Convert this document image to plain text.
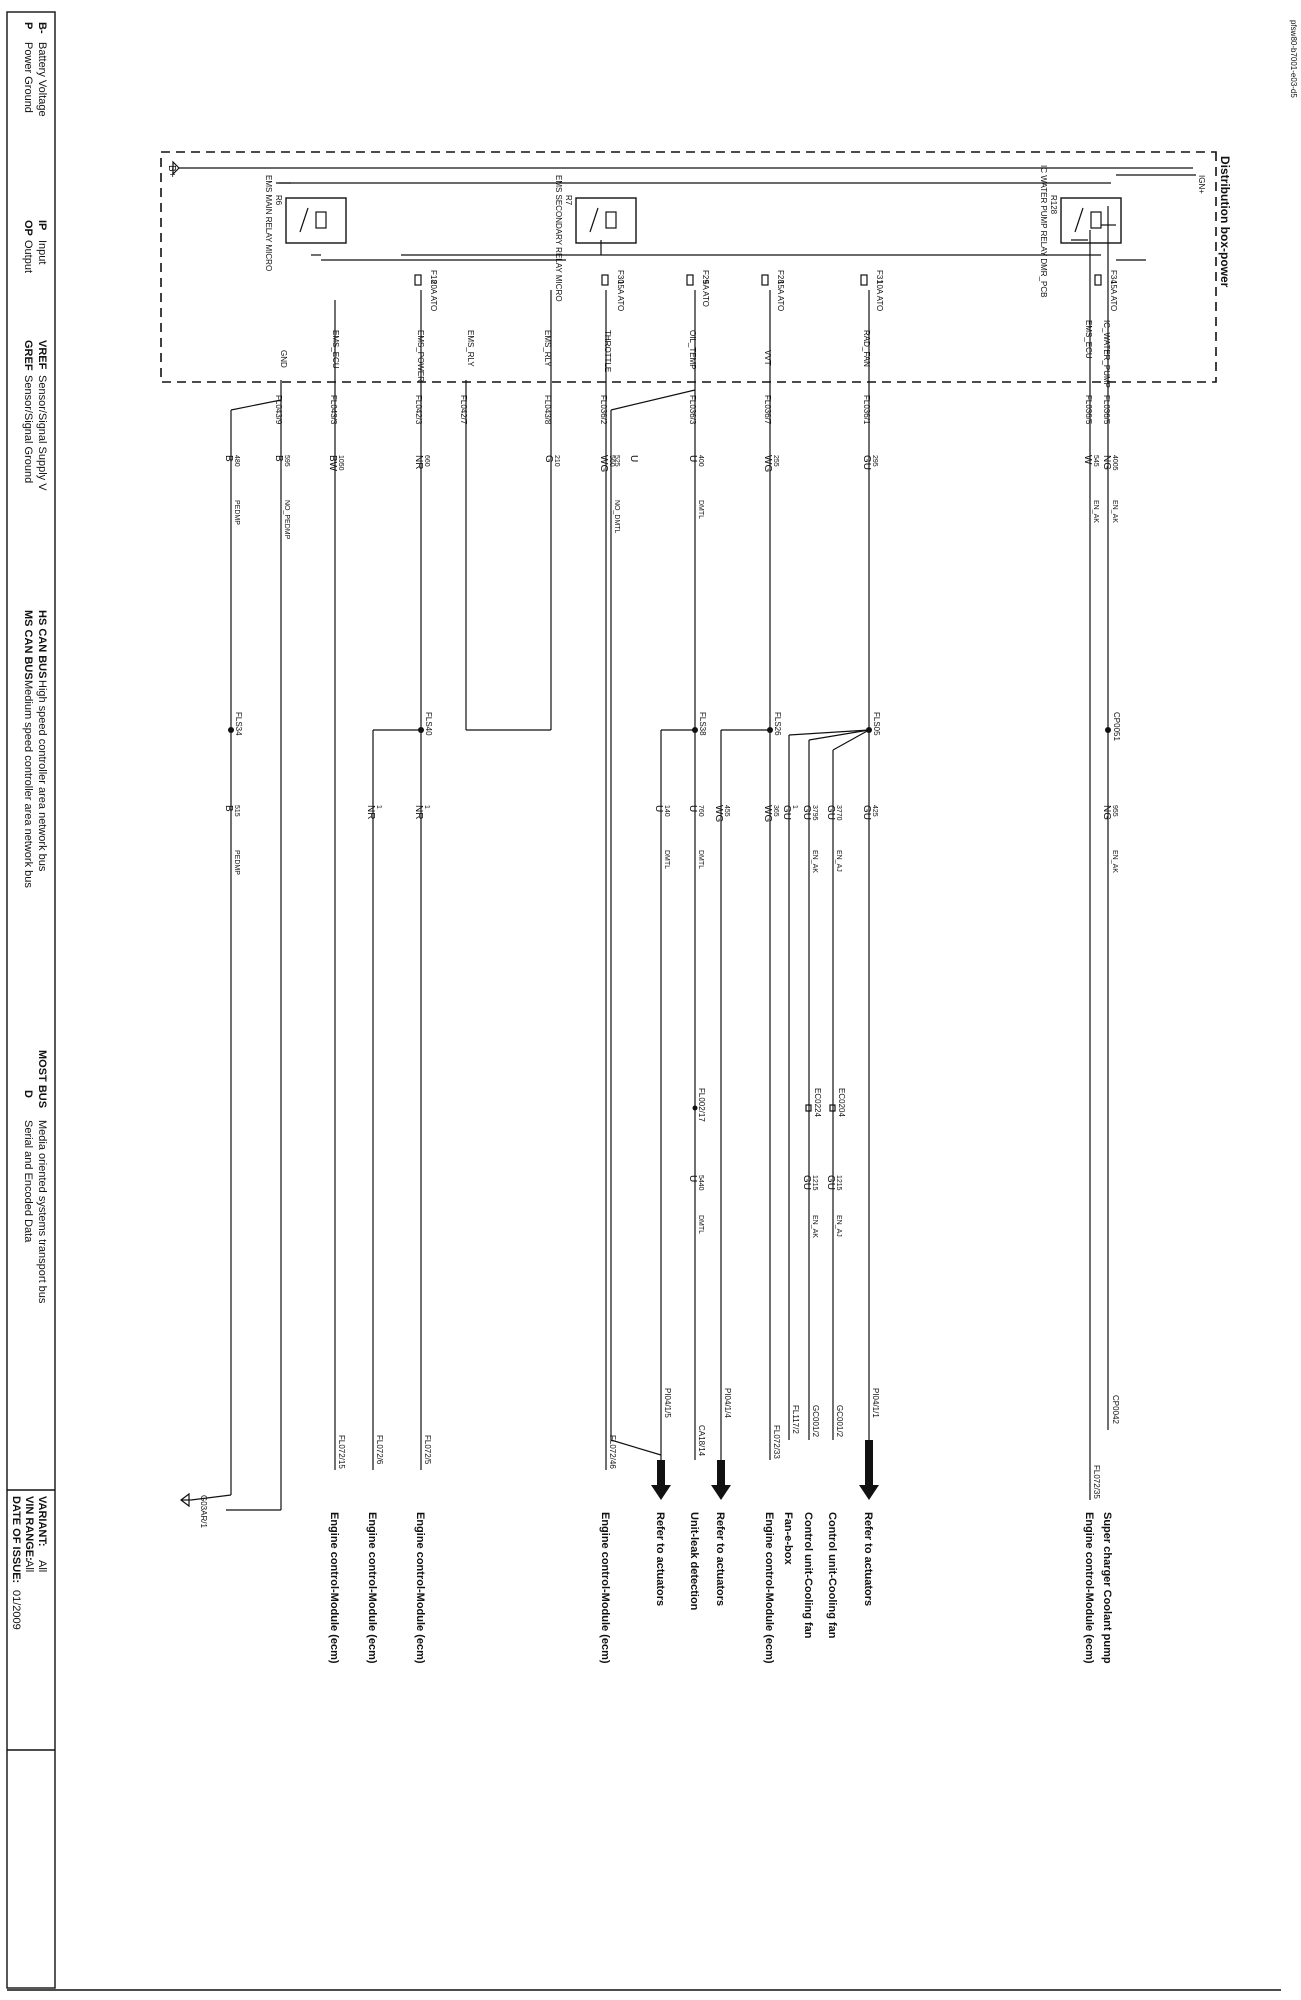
B-
Battery Voltage
P
Power Ground
IP
Input
OP
Output
VREF
Sensor/Signal Supply V
GREF
Sensor/Signal Ground
HS CAN BUS
High speed controller area network bus
MS CAN BUS
Medium speed controller area network bus
MOST BUS
Media oriented systems transport bus
D
Serial and Encoded Data
VARIANT:
All
VIN RANGE:
All
DATE OF ISSUE:
01/2009
pfsw80-b7001-e03-d5
Distribution box-power
IGN+
B+
R128
R7
R6	IC WATER PUMP RELAY DMR_PCB
EMS SECONDARY RELAY MICRO
EMS MAIN RELAY MICRO
F34
15A ATO
F31
10A ATO
F28
15A ATO
F29
5A ATO
F30
15A ATO
F18
20A ATO
IC_WATER_PUMP
EMS_ECU
RAD_FAN
VVT
OIL_TEMP
THROTTLE
EMS_RLY
EMS_RLY
EMS_POWER
EMS_ECU
GND
FL036/5
FL036/5
FL036/1
FL036/7
FL036/3
FL036/2
FL043/8
FL042/7
FL042/3
FL043/3
FL043/9
NG 4005
EN_AK
W 545
EN_AK
GU 295
WG 255
U 400
DMTL
U
525
NO_DMTL
WG 560
G 210
NR 660
BW 1050
B 595
NO_PEDMP
B 480
PEDMP
CP0051
FLS05
FLS26
FLS38
FLS40
FLS34
NG 955
EN_AK
GU 425
GU 3770
EN_AJ
GU 3795
EN_AK
GU 1
WG 365
WG 455
U 760
DMTL
U 140
DMTL
NR 1
NR 1
B 515
PEDMP
EC0204
EC0224
FL002/17
GU 1215
EN_AJ
GU 1215
EN_AK
U 5440
DMTL
CP0042
FL072/35
PI04/1/1
GC001/2
GC001/2
FL117/2
FL072/33
PI04/1/4
CA18/14
PI04/1/5
FL072/46
FL072/5
FL072/6
FL072/15
G03AR/1
Super charger Coolant pump
Engine control-Module (ecm)
Refer to actuators
Control unit-Cooling fan
Control unit-Cooling fan
Fan-e-box
Engine control-Module (ecm)
Refer to actuators
Unit-leak detection
Refer to actuators
Engine control-Module (ecm)
Engine control-Module (ecm)
Engine control-Module (ecm)
Engine control-Module (ecm)
